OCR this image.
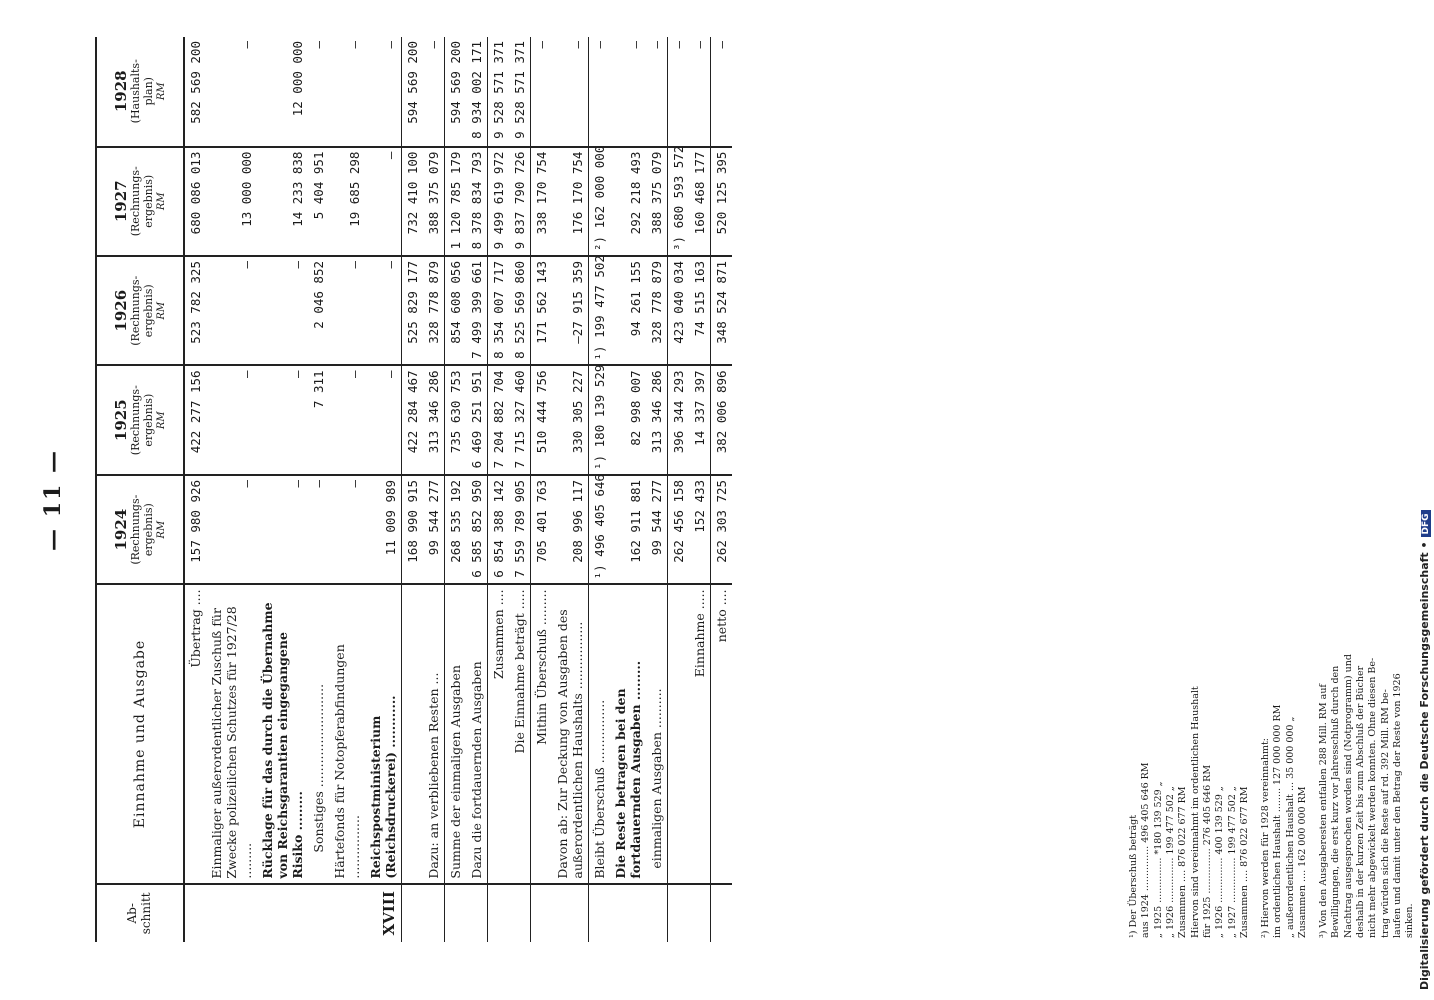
— 11 —
Ab-
schnitt	Einnahme und Ausgabe	1924 (Rechnungs-
ergebnis) RM	1925 (Rechnungs-
ergebnis) RM	1926 (Rechnungs-
ergebnis) RM	1927 (Rechnungs-
ergebnis) RM	1928 (Haushalts-
plan) RM

	Übertrag ....	157 980 926	422 277 156	523 782 325	680 086 013	582 569 200
	Einmaliger außerordentlicher Zuschuß für Zwecke polizeilichen Schutzes für 1927/28 .........	—	—	—	13 000 000	—
	Rücklage für das durch die Übernahme von Reichsgarantien eingegangene Risiko .........	—	—	—	14 233 838	12 000 000
	Sonstiges ..........................	—	7 311	2 046 852	5 404 951	—
	Härtefonds für Notopferabfindungen ................	—	—	—	19 685 298	—
XVIII	Reichspostministerium (Reichsdruckerei) ............	11 009 989	—	—	—	—
		168 990 915	422 284 467	525 829 177	732 410 100	594 569 200
	Dazu: an verbliebenen Resten ...	99 544 277	313 346 286	328 778 879	388 375 079	—
	Summe der einmaligen Ausgaben	268 535 192	735 630 753	854 608 056	1 120 785 179	594 569 200
	Dazu die fortdauernden Ausgaben	6 585 852 950	6 469 251 951	7 499 399 661	8 378 834 793	8 934 002 171
	Zusammen ....	6 854 388 142	7 204 882 704	8 354 007 717	9 499 619 972	9 528 571 371
	Die Einnahme beträgt .....	7 559 789 905	7 715 327 460	8 525 569 860	9 837 790 726	9 528 571 371
	Mithin Überschuß .........	705 401 763	510 444 756	171 562 143	338 170 754	—
	Davon ab: Zur Deckung von Ausgaben des außerordentlichen Haushalts .................	208 996 117	330 305 227	—27 915 359	176 170 754	—
	Bleibt Überschuß ................	¹) 496 405 646	¹) 180 139 529	¹) 199 477 502	²) 162 000 000	—
	Die Reste betragen bei den fortdauernden Ausgaben .........	162 911 881	82 998 007	94 261 155	292 218 493	—
	einmaligen Ausgaben ..........	99 544 277	313 346 286	328 778 879	388 375 079	—
		262 456 158	396 344 293	423 040 034	³) 680 593 572	—
	Einnahme .....	152 433	14 337 397	74 515 163	160 468 177	—
	netto ....	262 303 725	382 006 896	348 524 871	520 125 395	—
¹) Der Überschuß beträgt aus 1924 ............... 496 405 646 RM „ 1925 ............... *180 139 529 „ „ 1926 ............... 199 477 502 „ Zusammen .... 876 022 677 RM Hiervon sind vereinnahmt im ordentlichen Haushalt für 1925 ............... 276 405 646 RM „ 1926 ............... 400 139 529 „ „ 1927 ............... 199 477 502 „ Zusammen .... 876 022 677 RM ²) Hiervon werden für 1928 vereinnahmt: im ordentlichen Haushalt ........ 127 000 000 RM „ außerordentlichen Haushalt ... 35 000 000 „ Zusammen .... 162 000 000 RM ³) Von den Ausgaberesten entfallen 288 Mill. RM auf Bewilligungen, die erst kurz vor Jahresschluß durch den Nachtrag ausgesprochen worden sind (Notprogramm) und deshalb in der kurzen Zeit bis zum Abschluß der Bücher nicht mehr abgewickelt werden konnten. Ohne diesen Be- trag würden sich die Reste auf rd. 392 Mill. RM be- laufen und damit unter den Betrag der Reste von 1926 sinken. Digitalisierung gefördert durch die Deutsche Forschungsgemeinschaft •DFG
